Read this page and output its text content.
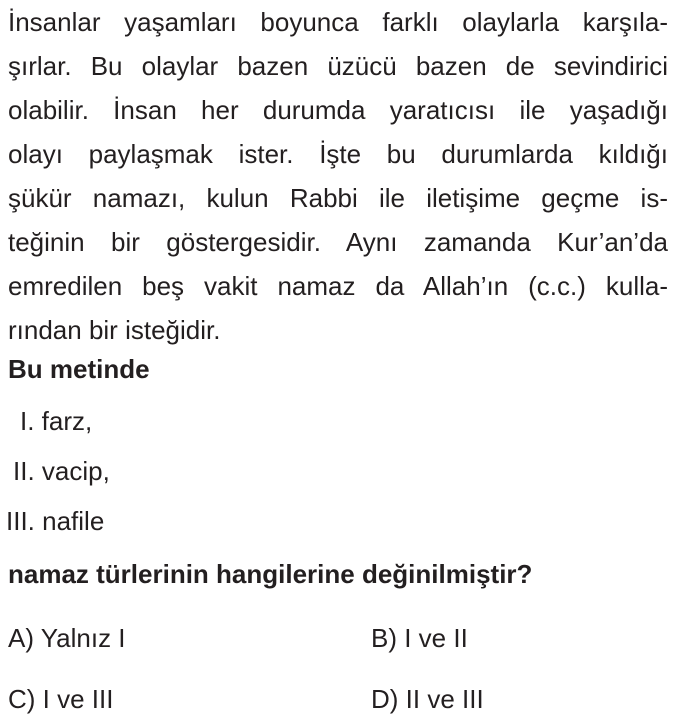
İnsanlar yaşamları boyunca farklı olaylarla karşıla-
şırlar. Bu olaylar bazen üzücü bazen de sevindirici
olabilir. İnsan her durumda yaratıcısı ile yaşadığı
olayı paylaşmak ister. İşte bu durumlarda kıldığı
şükür namazı, kulun Rabbi ile iletişime geçme is-
teğinin bir göstergesidir. Aynı zamanda Kur’an’da
emredilen beş vakit namaz da Allah’ın (c.c.) kulla-
rından bir isteğidir.
Bu metinde
I. farz,
II. vacip,
III. nafile
namaz türlerinin hangilerine değinilmiştir?
A) Yalnız I	B) I ve II
C) I ve III	D) II ve III
